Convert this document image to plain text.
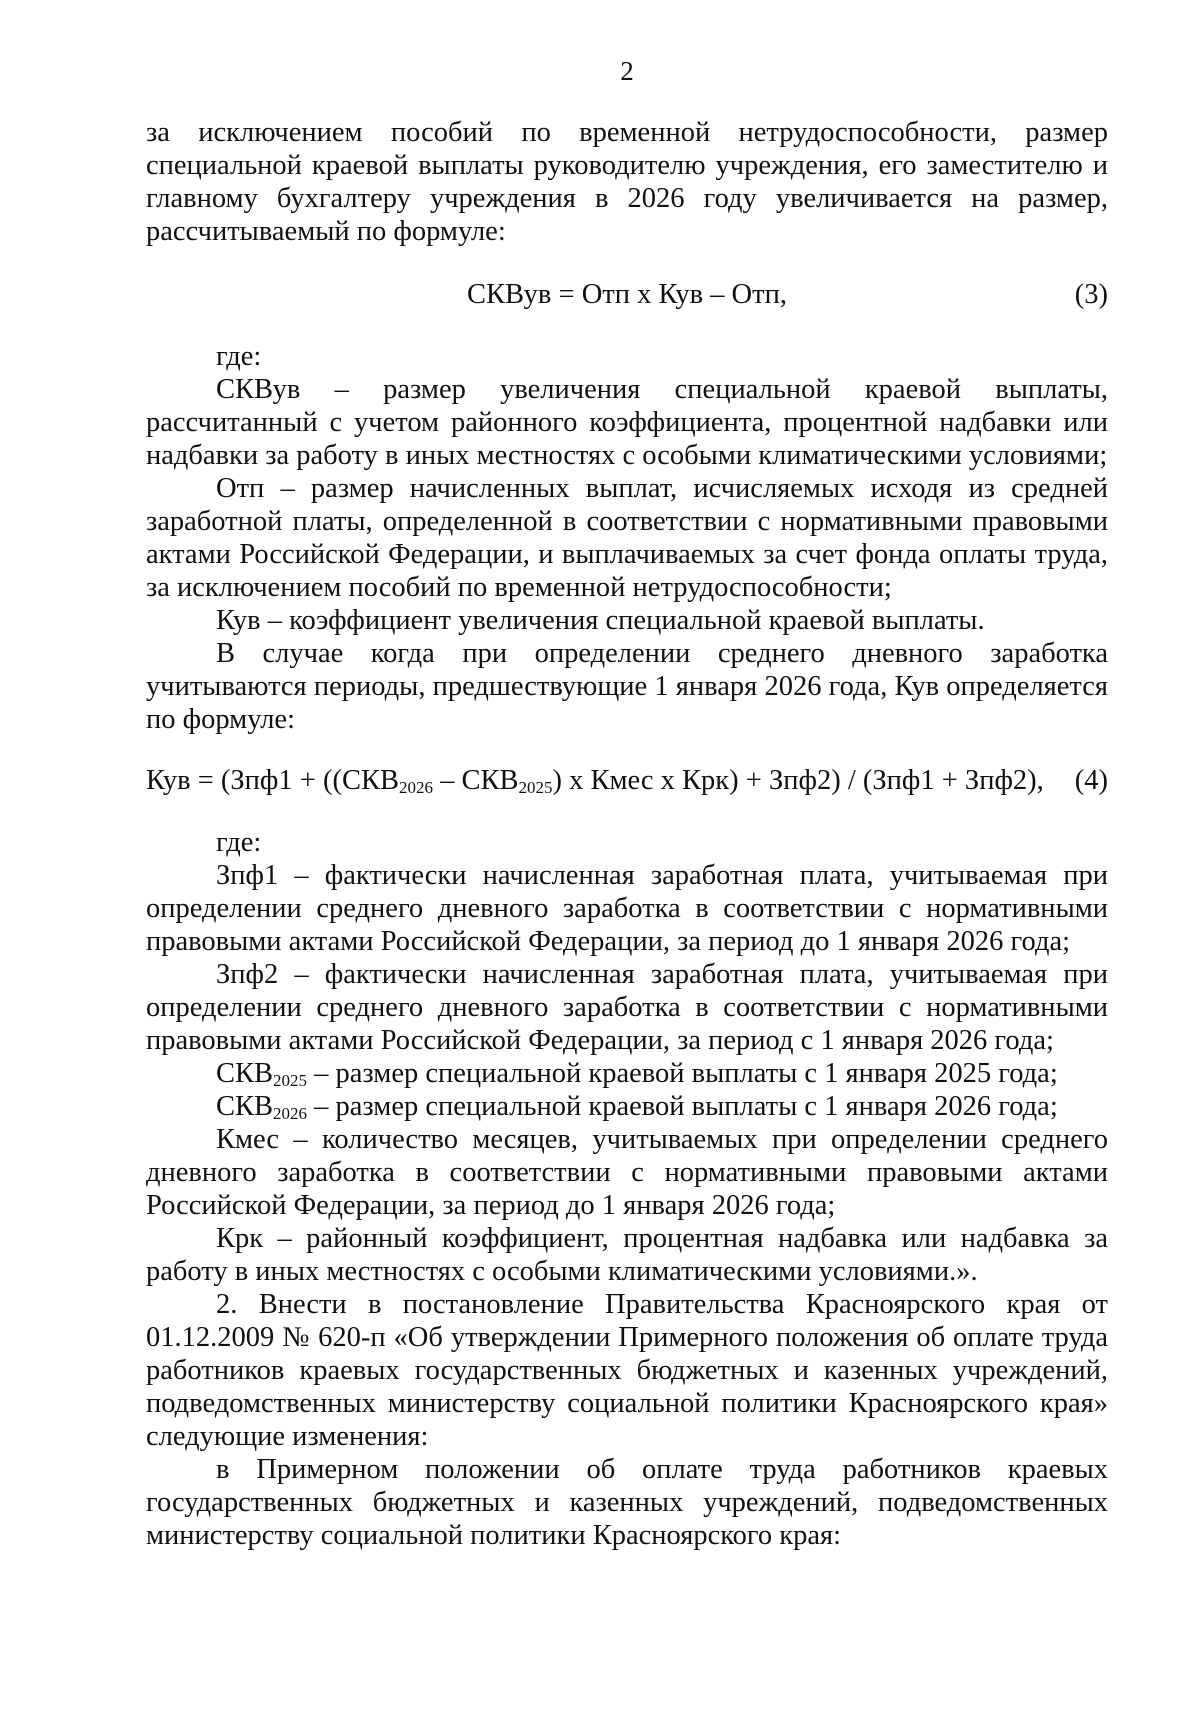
2

за исключением пособий по временной нетрудоспособности, размер специальной краевой выплаты руководителю учреждения, его заместителю и главному бухгалтеру учреждения в 2026 году увеличивается на размер, рассчитываемый по формуле:

СКВув = Отп х Кув – Отп,	(3)

где:

СКВув – размер увеличения специальной краевой выплаты, рассчитанный с учетом районного коэффициента, процентной надбавки или надбавки за работу в иных местностях с особыми климатическими условиями;

Отп – размер начисленных выплат, исчисляемых исходя из средней заработной платы, определенной в соответствии с нормативными правовыми актами Российской Федерации, и выплачиваемых за счет фонда оплаты труда, за исключением пособий по временной нетрудоспособности;

Кув – коэффициент увеличения специальной краевой выплаты.

В случае когда при определении среднего дневного заработка учитываются периоды, предшествующие 1 января 2026 года, Кув определяется по формуле:

Кув = ($Зпф1 + ((СКВ_{2026} - СКВ_{2025})$ х Кмес х Крк) + Зпф2) / (Зпф1 + Зпф2),	(4)

где:

Зпф1 – фактически начисленная заработная плата, учитываемая при определении среднего дневного заработка в соответствии с нормативными правовыми актами Российской Федерации, за период до 1 января 2026 года;

Зпф2 – фактически начисленная заработная плата, учитываемая при определении среднего дневного заработка в соответствии с нормативными правовыми актами Российской Федерации, за период с 1 января 2026 года;

$СКВ_{2025}$ – размер специальной краевой выплаты с 1 января 2025 года;

$СКВ_{2026}$ – размер специальной краевой выплаты с 1 января 2026 года;

Кмес – количество месяцев, учитываемых при определении среднего дневного заработка в соответствии с нормативными правовыми актами Российской Федерации, за период до 1 января 2026 года;

Крк – районный коэффициент, процентная надбавка или надбавка за работу в иных местностях с особыми климатическими условиями.».

2. Внести в постановление Правительства Красноярского края от 01.12.2009 № 620-п «Об утверждении Примерного положения об оплате труда работников краевых государственных бюджетных и казенных учреждений, подведомственных министерству социальной политики Красноярского края» следующие изменения:

в Примерном положении об оплате труда работников краевых государственных бюджетных и казенных учреждений, подведомственных министерству социальной политики Красноярского края:
